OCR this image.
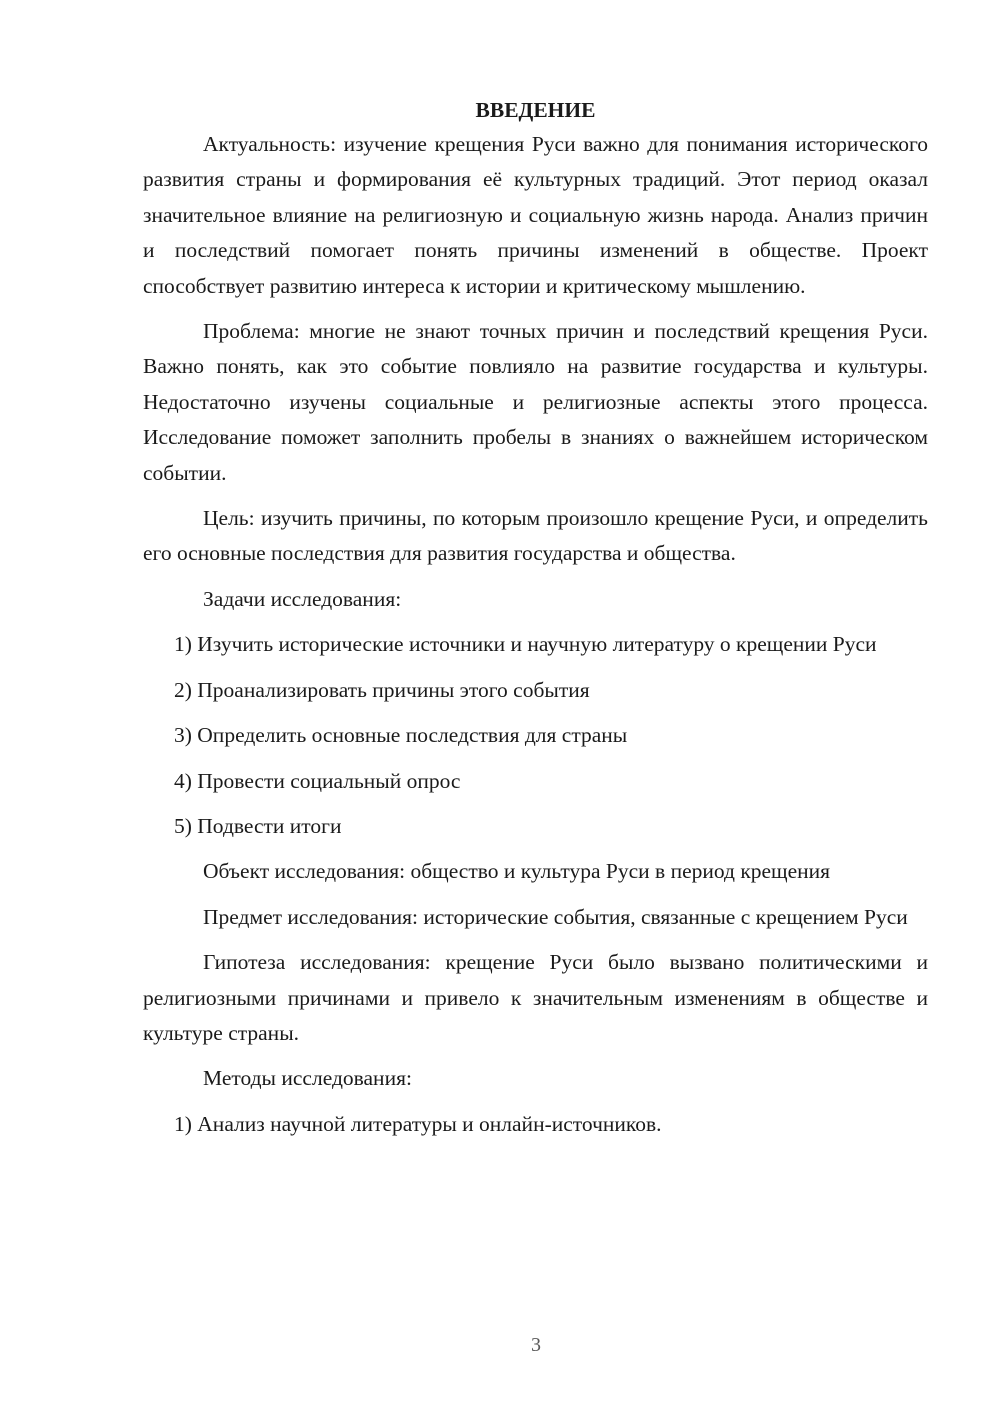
ВВЕДЕНИЕ

Актуальность: изучение крещения Руси важно для понимания исторического развития страны и формирования её культурных традиций. Этот период оказал значительное влияние на религиозную и социальную жизнь народа. Анализ причин и последствий помогает понять причины изменений в обществе. Проект способствует развитию интереса к истории и критическому мышлению.

Проблема: многие не знают точных причин и последствий крещения Руси. Важно понять, как это событие повлияло на развитие государства и культуры. Недостаточно изучены социальные и религиозные аспекты этого процесса. Исследование поможет заполнить пробелы в знаниях о важнейшем историческом событии.

Цель: изучить причины, по которым произошло крещение Руси, и определить его основные последствия для развития государства и общества.

Задачи исследования:

1) Изучить исторические источники и научную литературу о крещении Руси

2) Проанализировать причины этого события

3) Определить основные последствия для страны

4) Провести социальный опрос

5) Подвести итоги

Объект исследования: общество и культура Руси в период крещения

Предмет исследования: исторические события, связанные с крещением Руси

Гипотеза исследования: крещение Руси было вызвано политическими и религиозными причинами и привело к значительным изменениям в обществе и культуре страны.

Методы исследования:

1) Анализ научной литературы и онлайн-источников.

3
